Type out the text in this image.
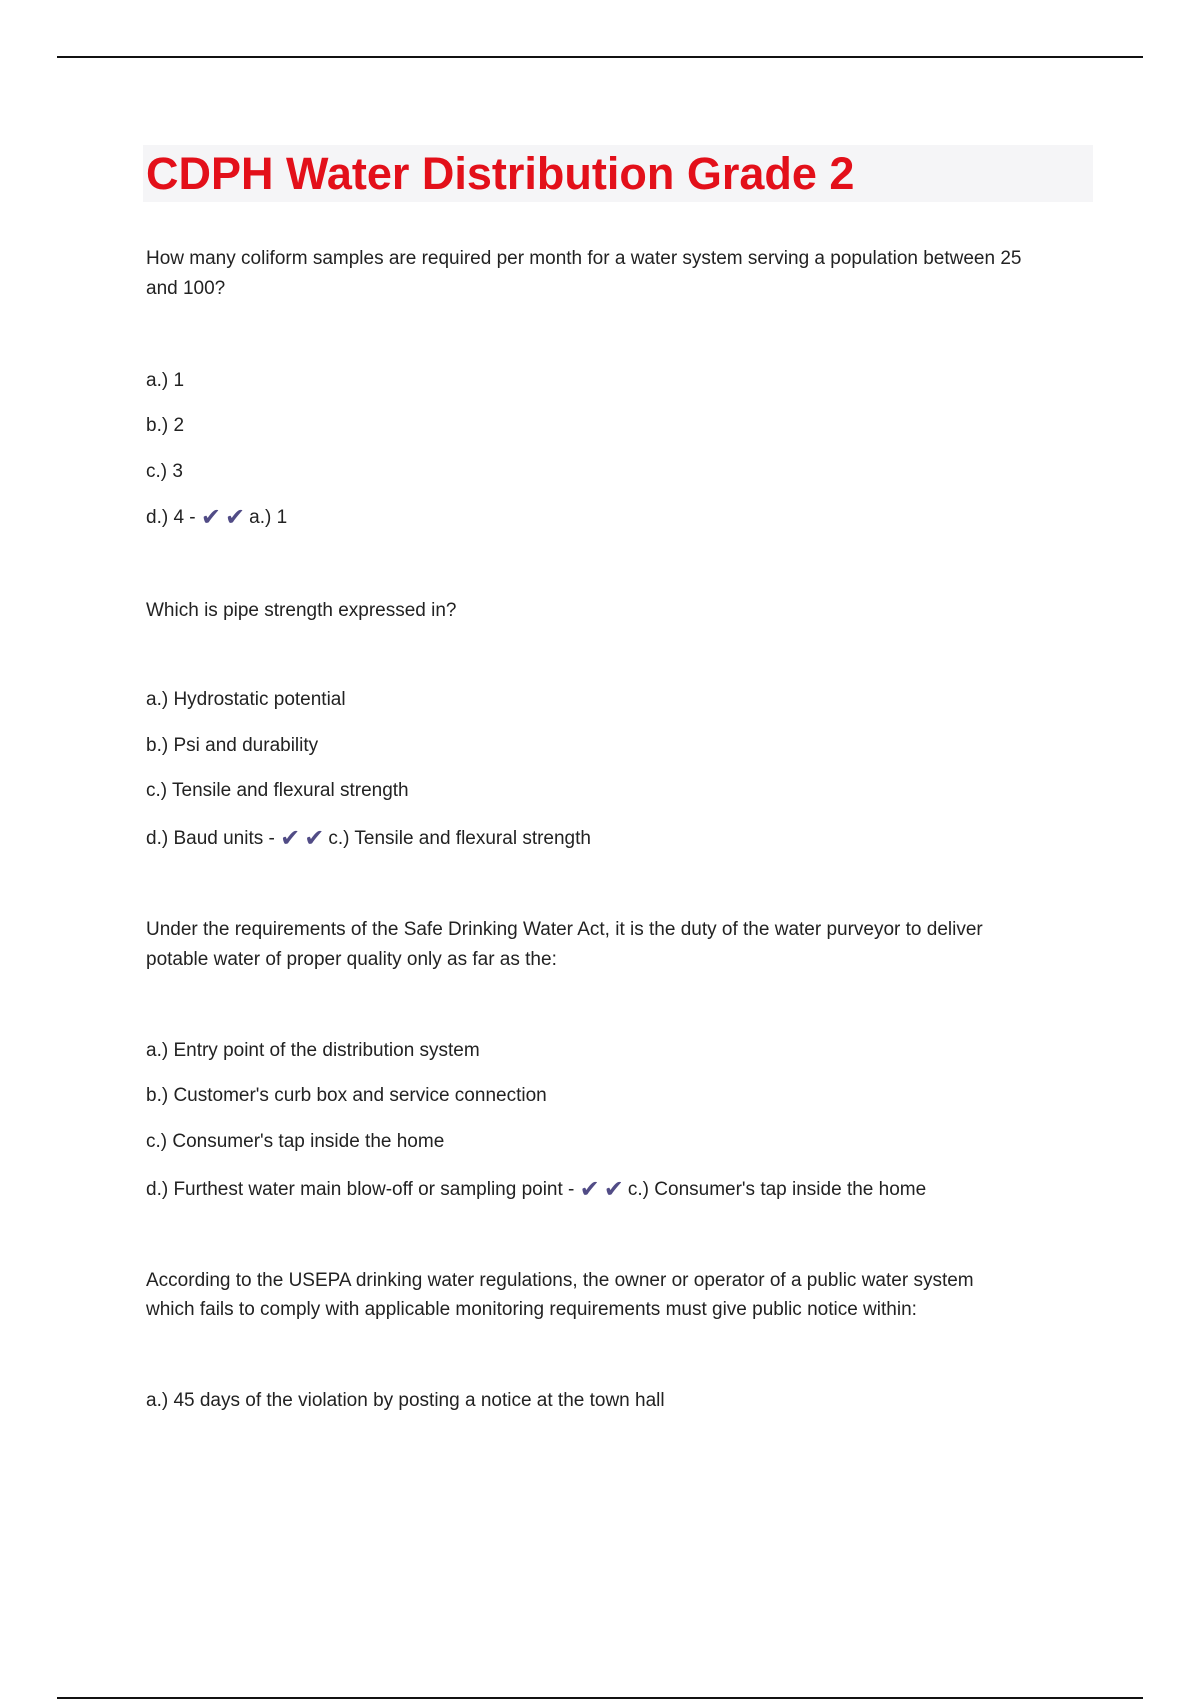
CDPH Water Distribution Grade 2
How many coliform samples are required per month for a water system serving a population between 25
and 100?
a.) 1
b.) 2
c.) 3
d.) 4 - ✔ ✔ a.) 1
Which is pipe strength expressed in?
a.) Hydrostatic potential
b.) Psi and durability
c.) Tensile and flexural strength
d.) Baud units - ✔ ✔ c.) Tensile and flexural strength
Under the requirements of the Safe Drinking Water Act, it is the duty of the water purveyor to deliver
potable water of proper quality only as far as the:
a.) Entry point of the distribution system
b.) Customer's curb box and service connection
c.) Consumer's tap inside the home
d.) Furthest water main blow-off or sampling point - ✔ ✔ c.) Consumer's tap inside the home
According to the USEPA drinking water regulations, the owner or operator of a public water system
which fails to comply with applicable monitoring requirements must give public notice within:
a.) 45 days of the violation by posting a notice at the town hall
